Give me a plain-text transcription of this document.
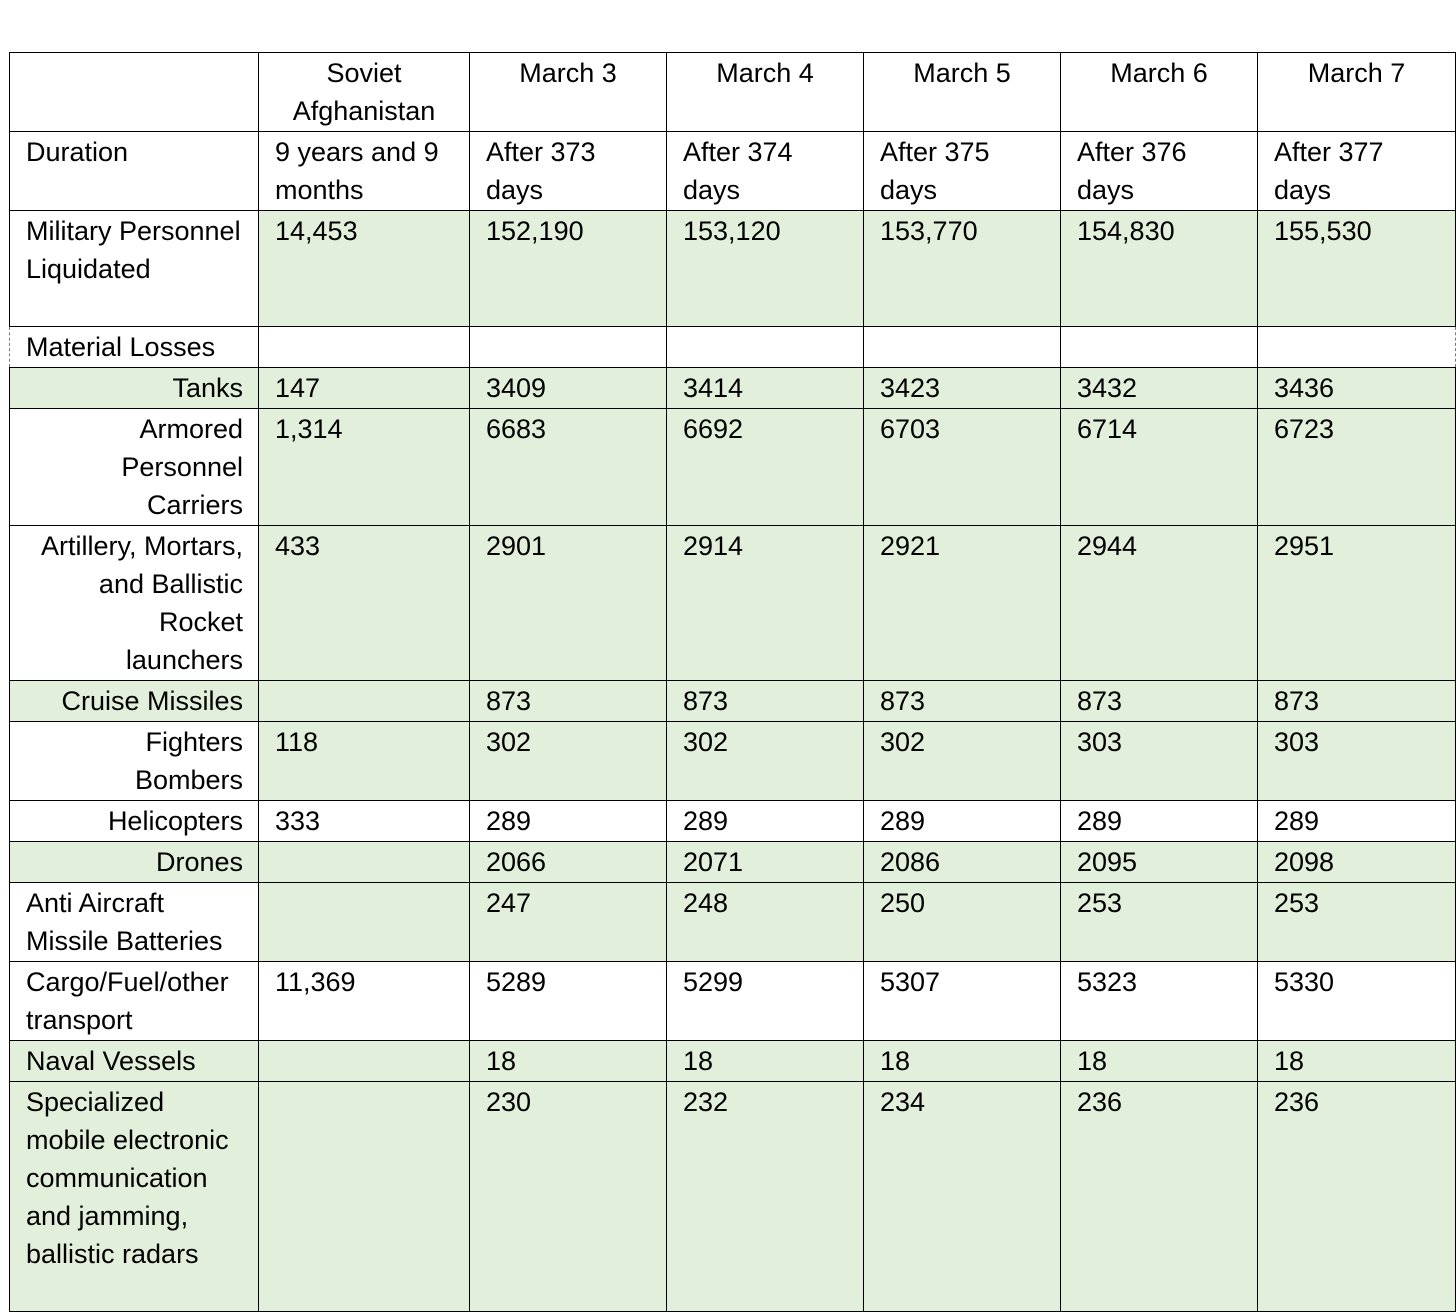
	Soviet Afghanistan	March 3	March 4	March 5	March 6	March 7
Duration	9 years and 9 months	After 373 days	After 374 days	After 375 days	After 376 days	After 377 days
Military Personnel Liquidated	14,453	152,190	153,120	153,770	154,830	155,530
Material Losses						
Tanks	147	3409	3414	3423	3432	3436
Armored Personnel Carriers	1,314	6683	6692	6703	6714	6723
Artillery, Mortars, and Ballistic Rocket launchers	433	2901	2914	2921	2944	2951
Cruise Missiles		873	873	873	873	873
Fighters Bombers	118	302	302	302	303	303
Helicopters	333	289	289	289	289	289
Drones		2066	2071	2086	2095	2098
Anti Aircraft Missile Batteries		247	248	250	253	253
Cargo/Fuel/other transport	11,369	5289	5299	5307	5323	5330
Naval Vessels		18	18	18	18	18
Specialized mobile electronic communication and jamming, ballistic radars		230	232	234	236	236
